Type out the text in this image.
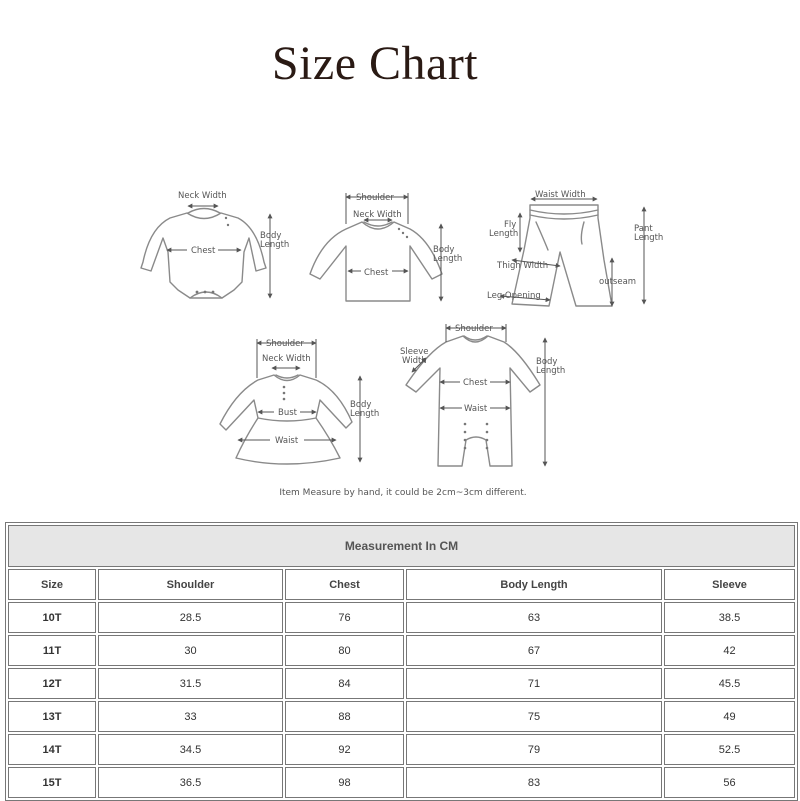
Size Chart
Neck Width
Chest
Body
Length
Shoulder
Neck Width
Chest
Body
Length
Waist Width
Fly
Length
Thigh Width
Leg Opening
outseam
Pant
Length
Shoulder
Neck Width
Bust
Waist
Body
Length
Shoulder
Sleeve
Width
Chest
Waist
Body
Length
Item Measure by hand, it could be 2cm~3cm different.
Measurement In CM				
Size	Shoulder	Chest	Body Length	Sleeve
10T	28.5	76	63	38.5
11T	30	80	67	42
12T	31.5	84	71	45.5
13T	33	88	75	49
14T	34.5	92	79	52.5
15T	36.5	98	83	56
